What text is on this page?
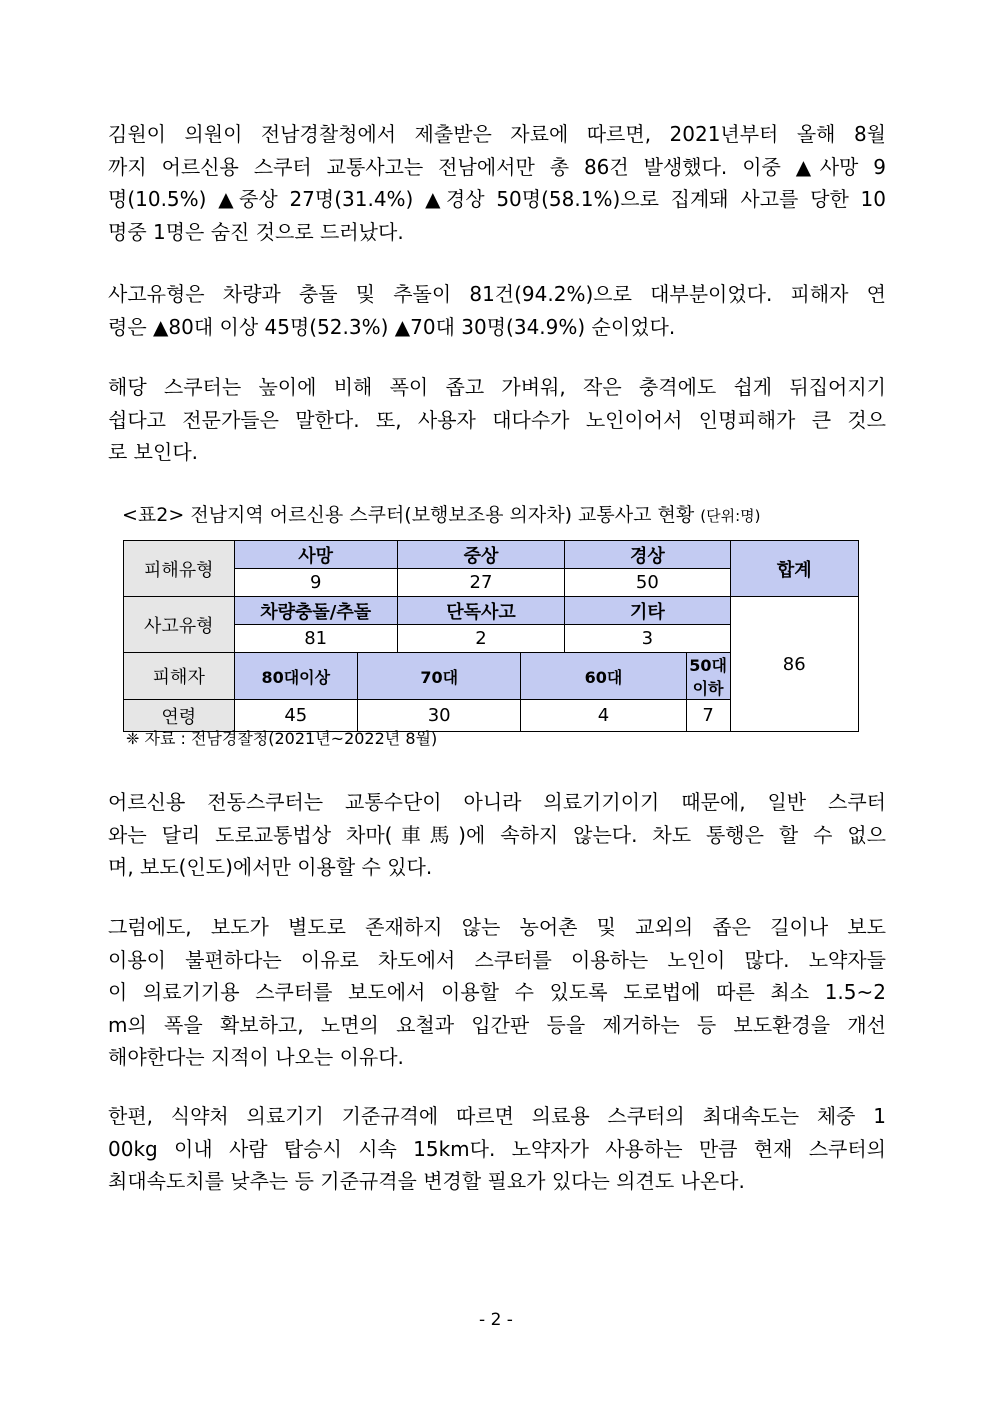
김원이 의원이 전남경찰청에서 제출받은 자료에 따르면, 2021년부터 올해 8월
까지 어르신용 스쿠터 교통사고는 전남에서만 총 86건 발생했다. 이중 ▲사망 9
명(10.5%) ▲중상 27명(31.4%) ▲경상 50명(58.1%)으로 집계돼 사고를 당한 10
명중 1명은 숨진 것으로 드러났다.
사고유형은 차량과 충돌 및 추돌이 81건(94.2%)으로 대부분이었다. 피해자 연
령은 ▲80대 이상 45명(52.3%) ▲70대 30명(34.9%) 순이었다.
해당 스쿠터는 높이에 비해 폭이 좁고 가벼워, 작은 충격에도 쉽게 뒤집어지기
쉽다고 전문가들은 말한다. 또, 사용자 대다수가 노인이어서 인명피해가 큰 것으
로 보인다.
<표2> 전남지역 어르신용 스쿠터(보행보조용 의자차) 교통사고 현황 (단위:명)
피해유형	사망		중상		경상		합계
	9		27		50		
사고유형	차량충돌/추돌		단독사고		기타		86
	81		2		3		
피해자	80대이상	70대		60대		50대이하	
연령	45	30		4		7	
❈ 자료 : 전남경찰청(2021년~2022년 8월)
어르신용 전동스쿠터는 교통수단이 아니라 의료기기이기 때문에, 일반 스쿠터
와는 달리 도로교통법상 차마(車馬)에 속하지 않는다. 차도 통행은 할 수 없으
며, 보도(인도)에서만 이용할 수 있다.
그럼에도, 보도가 별도로 존재하지 않는 농어촌 및 교외의 좁은 길이나 보도
이용이 불편하다는 이유로 차도에서 스쿠터를 이용하는 노인이 많다. 노약자들
이 의료기기용 스쿠터를 보도에서 이용할 수 있도록 도로법에 따른 최소 1.5~2
m의 폭을 확보하고, 노면의 요철과 입간판 등을 제거하는 등 보도환경을 개선
해야한다는 지적이 나오는 이유다.
한편, 식약처 의료기기 기준규격에 따르면 의료용 스쿠터의 최대속도는 체중 1
00kg 이내 사람 탑승시 시속 15km다. 노약자가 사용하는 만큼 현재 스쿠터의
최대속도치를 낮추는 등 기준규격을 변경할 필요가 있다는 의견도 나온다.
- 2 -
